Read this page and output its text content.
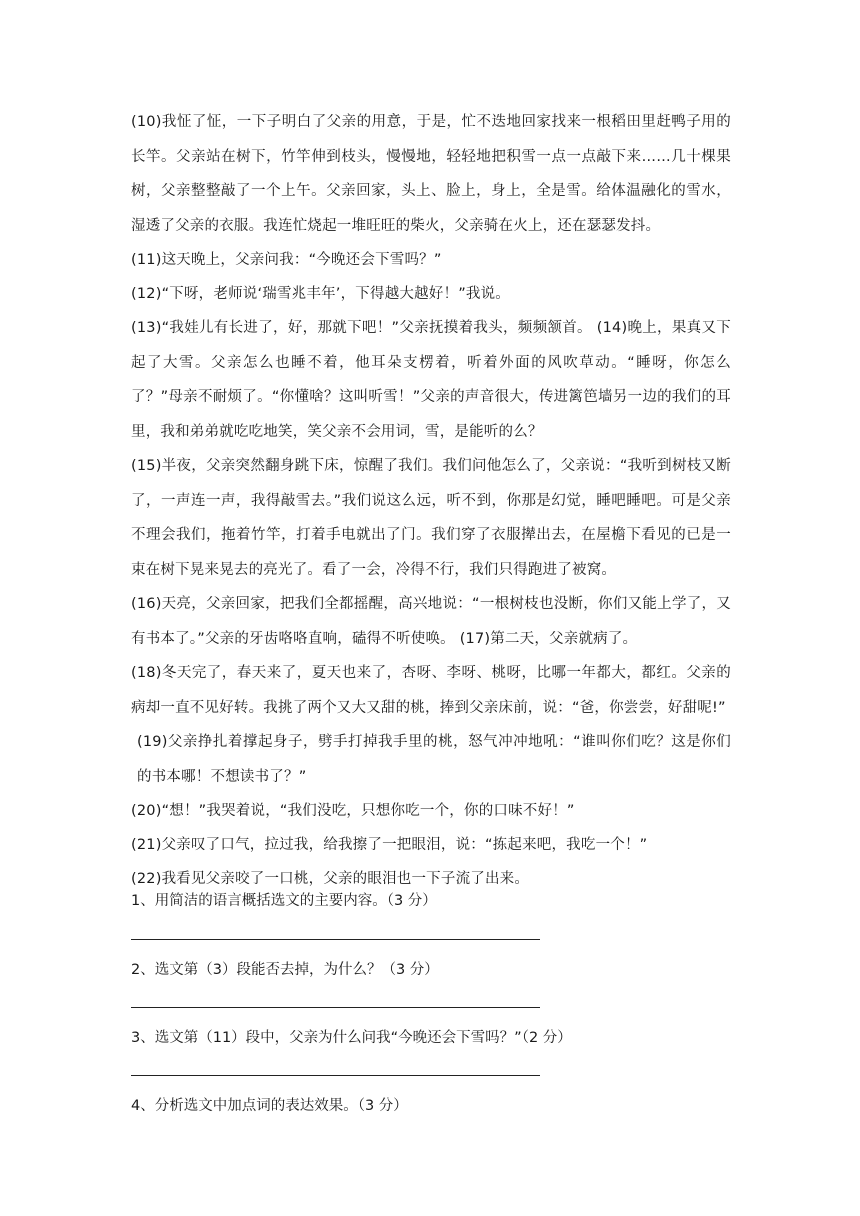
(10)我怔了怔，一下子明白了父亲的用意，于是，忙不迭地回家找来一根稻田里赶鸭子用的长竿。父亲站在树下，竹竿伸到枝头，慢慢地，轻轻地把积雪一点一点敲下来……几十棵果树，父亲整整敲了一个上午。父亲回家，头上、脸上，身上，全是雪。给体温融化的雪水，湿透了父亲的衣服。我连忙烧起一堆旺旺的柴火，父亲骑在火上，还在瑟瑟发抖。

(11)这天晚上，父亲问我：“今晚还会下雪吗？”

(12)“下呀，老师说‘瑞雪兆丰年’，下得越大越好！”我说。

(13)“我娃儿有长进了，好，那就下吧！”父亲抚摸着我头，频频颔首。 (14)晚上，果真又下起了大雪。父亲怎么也睡不着，他耳朵支楞着，听着外面的风吹草动。“睡呀，你怎么了？”母亲不耐烦了。“你懂啥？这叫听雪！”父亲的声音很大，传进篱笆墙另一边的我们的耳里，我和弟弟就吃吃地笑，笑父亲不会用词，雪，是能听的么？

(15)半夜，父亲突然翻身跳下床，惊醒了我们。我们问他怎么了，父亲说：“我听到树枝又断了，一声连一声，我得敲雪去。”我们说这么远，听不到，你那是幻觉，睡吧睡吧。可是父亲不理会我们，拖着竹竿，打着手电就出了门。我们穿了衣服撵出去，在屋檐下看见的已是一束在树下晃来晃去的亮光了。看了一会，冷得不行，我们只得跑进了被窝。

(16)天亮，父亲回家，把我们全都摇醒，高兴地说：“一根树枝也没断，你们又能上学了，又有书本了。”父亲的牙齿咯咯直响，磕得不听使唤。 (17)第二天，父亲就病了。

(18)冬天完了，春天来了，夏天也来了，杏呀、李呀、桃呀，比哪一年都大，都红。父亲的病却一直不见好转。我挑了两个又大又甜的桃，捧到父亲床前，说：“爸，你尝尝，好甜呢!”

(19)父亲挣扎着撑起身子，劈手打掉我手里的桃，怒气冲冲地吼：“谁叫你们吃？这是你们的书本哪！不想读书了？”

(20)“想！”我哭着说，“我们没吃，只想你吃一个，你的口味不好！”

(21)父亲叹了口气，拉过我，给我擦了一把眼泪，说：“拣起来吧，我吃一个！”

(22)我看见父亲咬了一口桃，父亲的眼泪也一下子流了出来。

1、用简洁的语言概括选文的主要内容。（3 分）

2、选文第（3）段能否去掉，为什么？（3 分）

3、选文第（11）段中，父亲为什么问我“今晚还会下雪吗？”（2 分）

4、分析选文中加点词的表达效果。（3 分）
